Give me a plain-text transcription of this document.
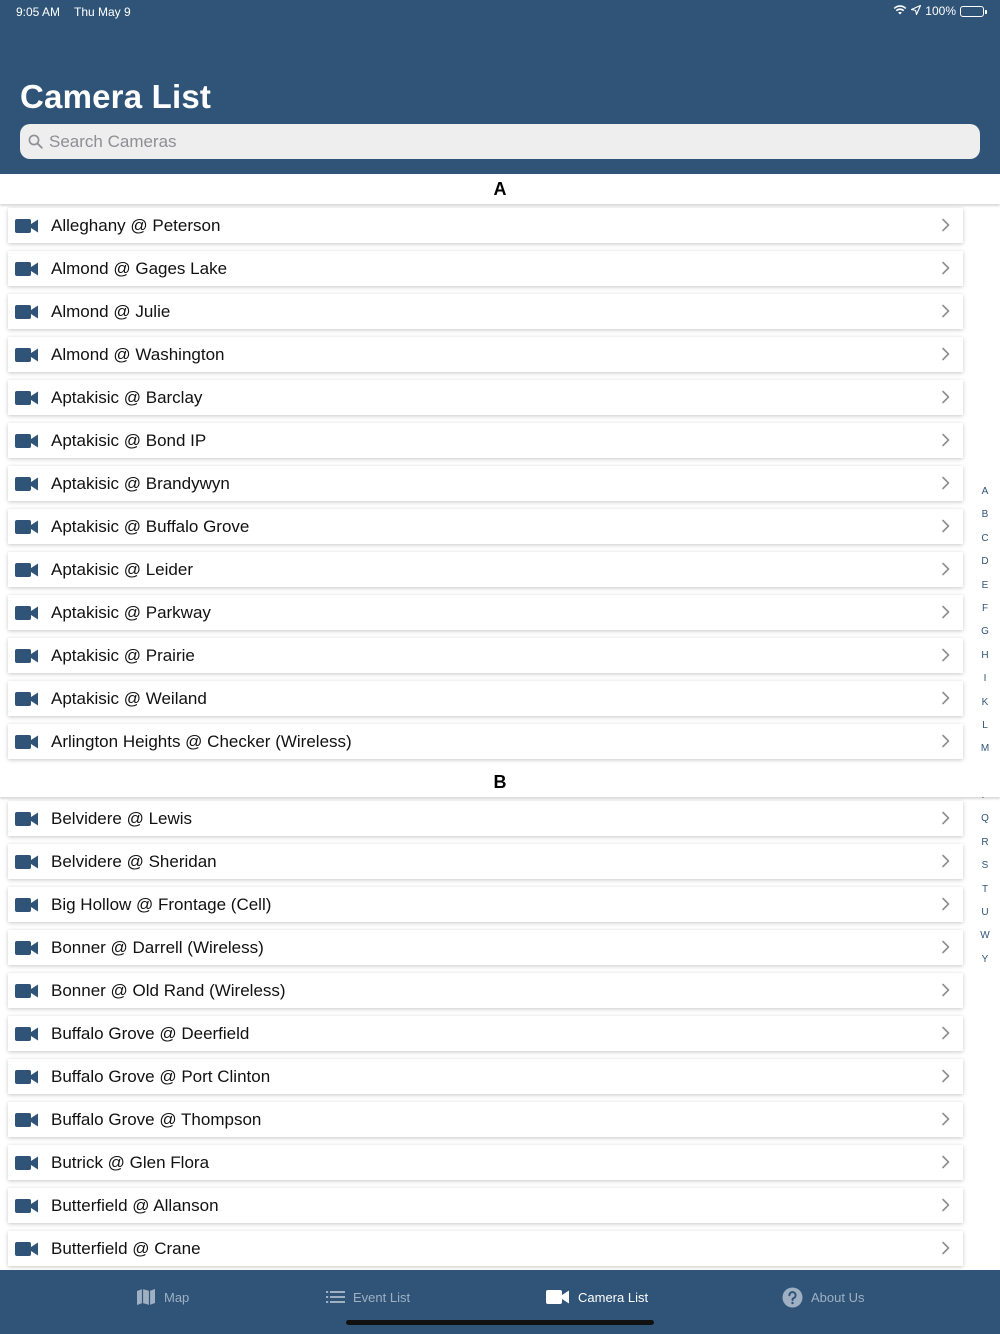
9:05 AM Thu May 9	100%
Camera List
Search Cameras
A
Alleghany @ Peterson
Almond @ Gages Lake
Almond @ Julie
Almond @ Washington
Aptakisic @ Barclay
Aptakisic @ Bond IP
Aptakisic @ Brandywyn
Aptakisic @ Buffalo Grove
Aptakisic @ Leider
Aptakisic @ Parkway
Aptakisic @ Prairie
Aptakisic @ Weiland
Arlington Heights @ Checker (Wireless)
B
Belvidere @ Lewis
Belvidere @ Sheridan
Big Hollow @ Frontage (Cell)
Bonner @ Darrell (Wireless)
Bonner @ Old Rand (Wireless)
Buffalo Grove @ Deerfield
Buffalo Grove @ Port Clinton
Buffalo Grove @ Thompson
Butrick @ Glen Flora
Butterfield @ Allanson
Butterfield @ Crane
A
B
C
D
E
F
G
H
I
K
L
M
Q
R
S
T
U
W
Y
Map	Event List	Camera List	About Us
